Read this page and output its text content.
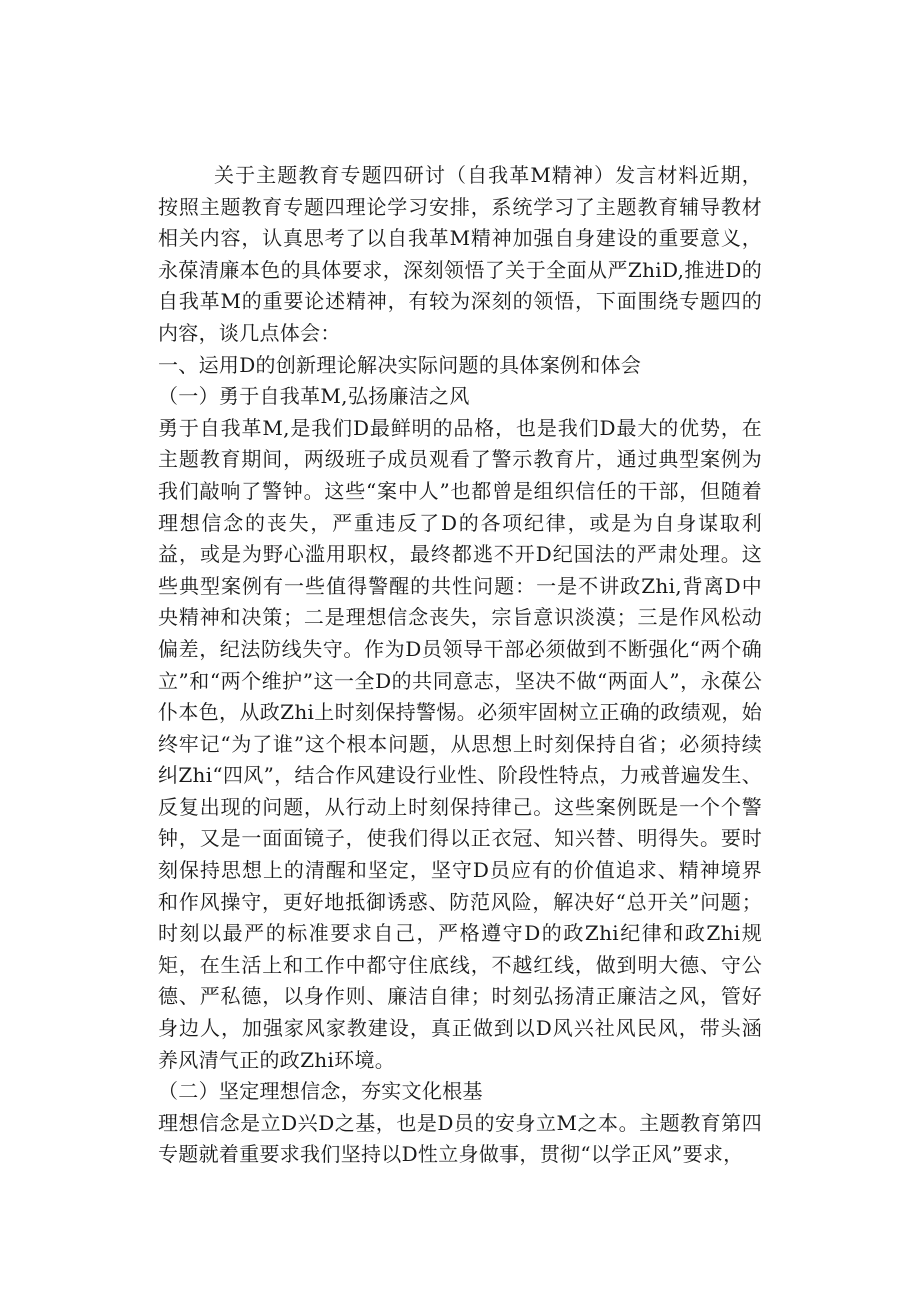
关于主题教育专题四研讨（自我革M精神）发言材料近期，按照主题教育专题四理论学习安排，系统学习了主题教育辅导教材相关内容，认真思考了以自我革M精神加强自身建设的重要意义，永葆清廉本色的具体要求，深刻领悟了关于全面从严ZhiD,推进D的自我革M的重要论述精神，有较为深刻的领悟，下面围绕专题四的内容，谈几点体会：

一、运用D的创新理论解决实际问题的具体案例和体会

（一）勇于自我革M,弘扬廉洁之风

勇于自我革M,是我们D最鲜明的品格，也是我们D最大的优势，在主题教育期间，两级班子成员观看了警示教育片，通过典型案例为我们敲响了警钟。这些“案中人”也都曾是组织信任的干部，但随着理想信念的丧失，严重违反了D的各项纪律，或是为自身谋取利益，或是为野心滥用职权，最终都逃不开D纪国法的严肃处理。这些典型案例有一些值得警醒的共性问题：一是不讲政Zhi,背离D中央精神和决策；二是理想信念丧失，宗旨意识淡漠；三是作风松动偏差，纪法防线失守。作为D员领导干部必须做到不断强化“两个确立”和“两个维护”这一全D的共同意志，坚决不做“两面人”，永葆公仆本色，从政Zhi上时刻保持警惕。必须牢固树立正确的政绩观，始终牢记“为了谁”这个根本问题，从思想上时刻保持自省；必须持续纠Zhi“四风”，结合作风建设行业性、阶段性特点，力戒普遍发生、反复出现的问题，从行动上时刻保持律己。这些案例既是一个个警钟，又是一面面镜子，使我们得以正衣冠、知兴替、明得失。要时刻保持思想上的清醒和坚定，坚守D员应有的价值追求、精神境界和作风操守，更好地抵御诱惑、防范风险，解决好“总开关”问题；时刻以最严的标准要求自己，严格遵守D的政Zhi纪律和政Zhi规矩，在生活上和工作中都守住底线，不越红线，做到明大德、守公德、严私德，以身作则、廉洁自律；时刻弘扬清正廉洁之风，管好身边人，加强家风家教建设，真正做到以D风兴社风民风，带头涵养风清气正的政Zhi环境。

（二）坚定理想信念，夯实文化根基

理想信念是立D兴D之基，也是D员的安身立M之本。主题教育第四专题就着重要求我们坚持以D性立身做事，贯彻“以学正风”要求，
